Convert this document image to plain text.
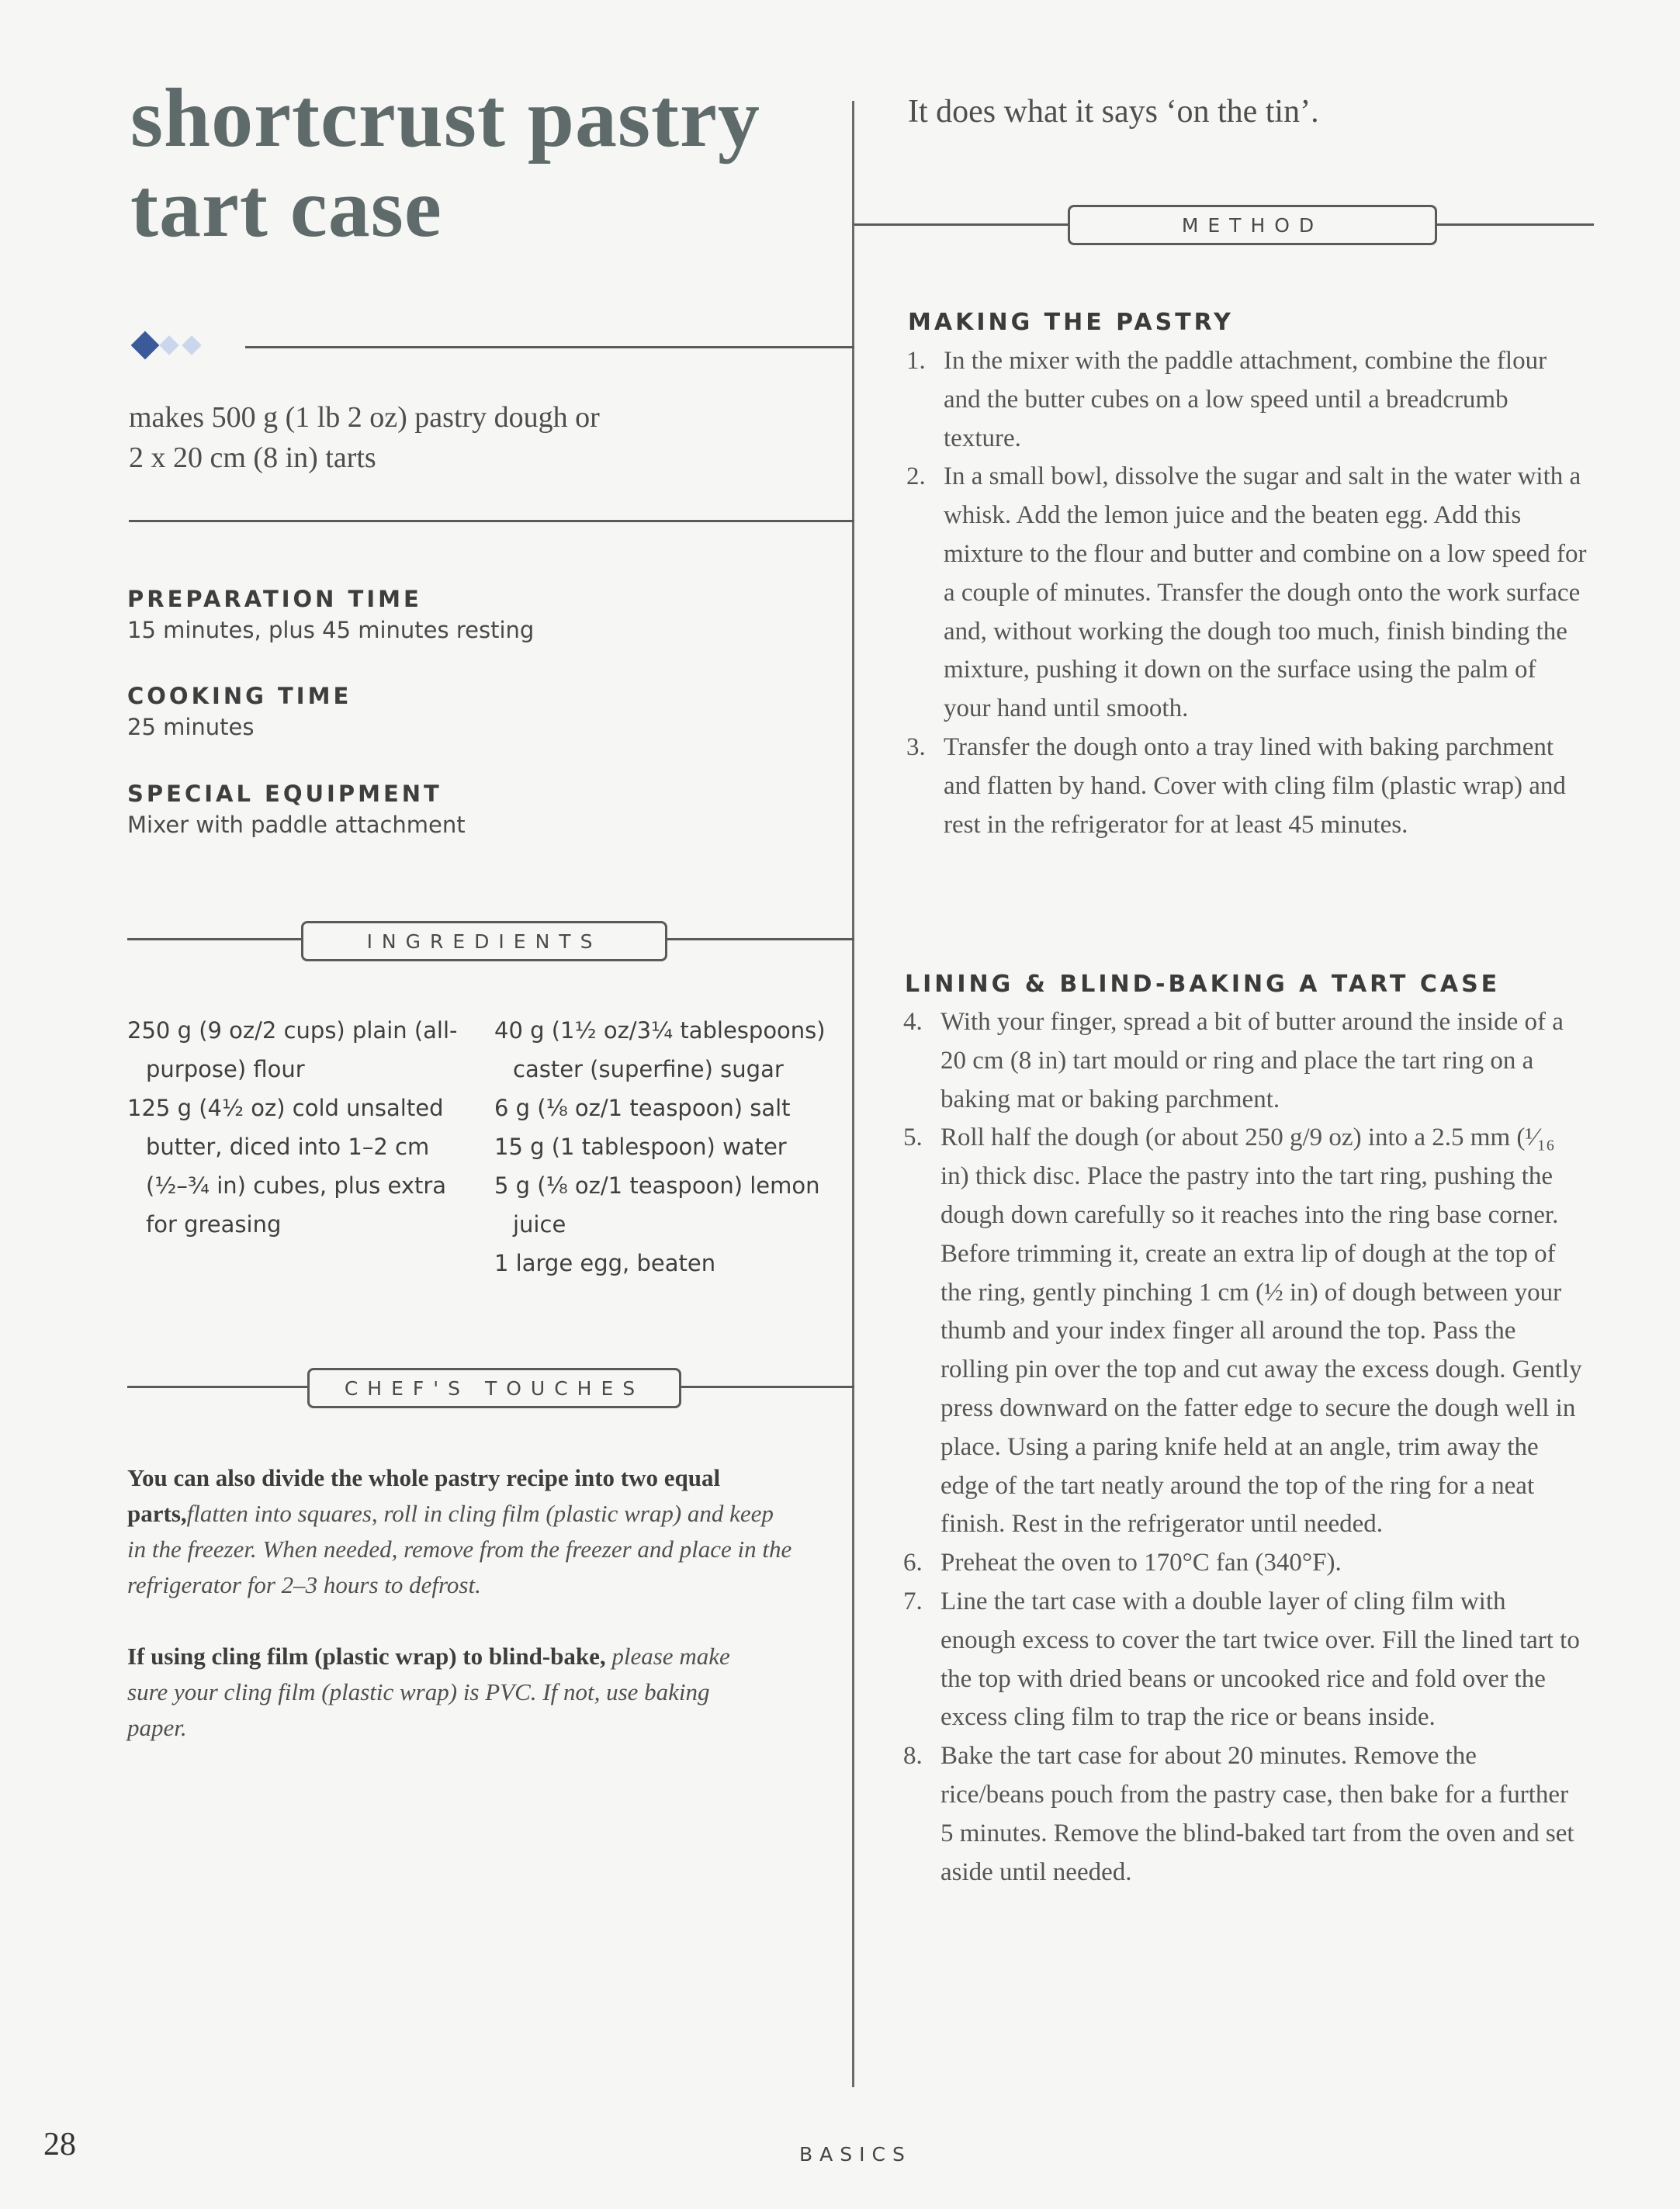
shortcrust pastry
tart case
It does what it says ‘on the tin’.
makes 500 g (1 lb 2 oz) pastry dough or
2 x 20 cm (8 in) tarts
PREPARATION TIME
15 minutes, plus 45 minutes resting
COOKING TIME
25 minutes
SPECIAL EQUIPMENT
Mixer with paddle attachment
INGREDIENTS

250 g (9 oz/2 cups) plain (all-purpose) flour

125 g (4½ oz) cold unsalted butter, diced into 1–2 cm (½–¾ in) cubes, plus extra for greasing

40 g (1½ oz/3¼ tablespoons) caster (superfine) sugar

6 g (⅛ oz/1 teaspoon) salt

15 g (1 tablespoon) water

5 g (⅛ oz/1 teaspoon) lemon juice

1 large egg, beaten

CHEF'S TOUCHES
You can also divide the whole pastry recipe into two equal parts,flatten into squares, roll in cling film (plastic wrap) and keep in the freezer. When needed, remove from the freezer and place in the refrigerator for 2–3 hours to defrost.
If using cling film (plastic wrap) to blind-bake, please make sure your cling film (plastic wrap) is PVC. If not, use baking paper.
METHOD
MAKING THE PASTRY
1. In the mixer with the paddle attachment, combine the flour and the butter cubes on a low speed until a breadcrumb texture.
2. In a small bowl, dissolve the sugar and salt in the water with a whisk. Add the lemon juice and the beaten egg. Add this mixture to the flour and butter and combine on a low speed for a couple of minutes. Transfer the dough onto the work surface and, without working the dough too much, finish binding the mixture, pushing it down on the surface using the palm of your hand until smooth.
3. Transfer the dough onto a tray lined with baking parchment and flatten by hand. Cover with cling film (plastic wrap) and rest in the refrigerator for at least 45 minutes.
LINING & BLIND-BAKING A TART CASE
4. With your finger, spread a bit of butter around the inside of a 20 cm (8 in) tart mould or ring and place the tart ring on a baking mat or baking parchment.
5. Roll half the dough (or about 250 g/9 oz) into a 2.5 mm (¹⁄₁₆ in) thick disc. Place the pastry into the tart ring, pushing the dough down carefully so it reaches into the ring base corner. Before trimming it, create an extra lip of dough at the top of the ring, gently pinching 1 cm (½ in) of dough between your thumb and your index finger all around the top. Pass the rolling pin over the top and cut away the excess dough. Gently press downward on the fatter edge to secure the dough well in place. Using a paring knife held at an angle, trim away the edge of the tart neatly around the top of the ring for a neat finish. Rest in the refrigerator until needed.
6. Preheat the oven to 170°C fan (340°F).
7. Line the tart case with a double layer of cling film with enough excess to cover the tart twice over. Fill the lined tart to the top with dried beans or uncooked rice and fold over the excess cling film to trap the rice or beans inside.
8. Bake the tart case for about 20 minutes. Remove the rice/beans pouch from the pastry case, then bake for a further 5 minutes. Remove the blind-baked tart from the oven and set aside until needed.
28	BASICS
